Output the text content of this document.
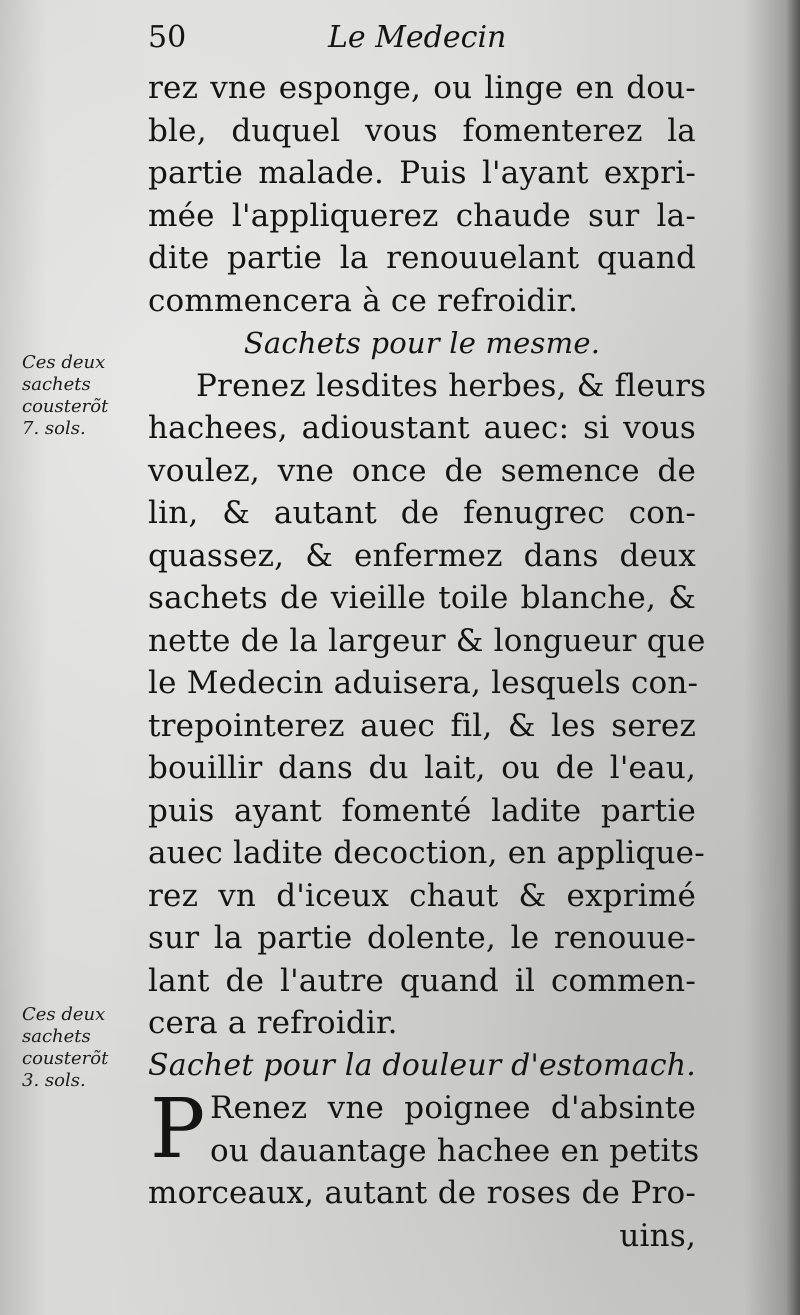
50	Le Medecin
Ces deux
sachets
cousterõt
7. sols.
Ces deux
sachets
cousterõt
3. sols.
rez vne esponge, ou linge en dou-
ble, duquel vous fomenterez la
partie malade. Puis l'ayant expri-
mée l'appliquerez chaude sur la-
dite partie la renouuelant quand
commencera à ce refroidir.
Sachets pour le mesme.
Prenez lesdites herbes, & fleurs
hachees, adioustant auec: si vous
voulez, vne once de semence de
lin, & autant de fenugrec con-
quassez, & enfermez dans deux
sachets de vieille toile blanche, &
nette de la largeur & longueur que
le Medecin aduisera, lesquels con-
trepointerez auec fil, & les serez
bouillir dans du lait, ou de l'eau,
puis ayant fomenté ladite partie
auec ladite decoction, en applique-
rez vn d'iceux chaut & exprimé
sur la partie dolente, le renouue-
lant de l'autre quand il commen-
cera a refroidir.
Sachet pour la douleur d'estomach.
P Renez vne poignee d'absinte
ou dauantage hachee en petits
morceaux, autant de roses de Pro-
uins,
